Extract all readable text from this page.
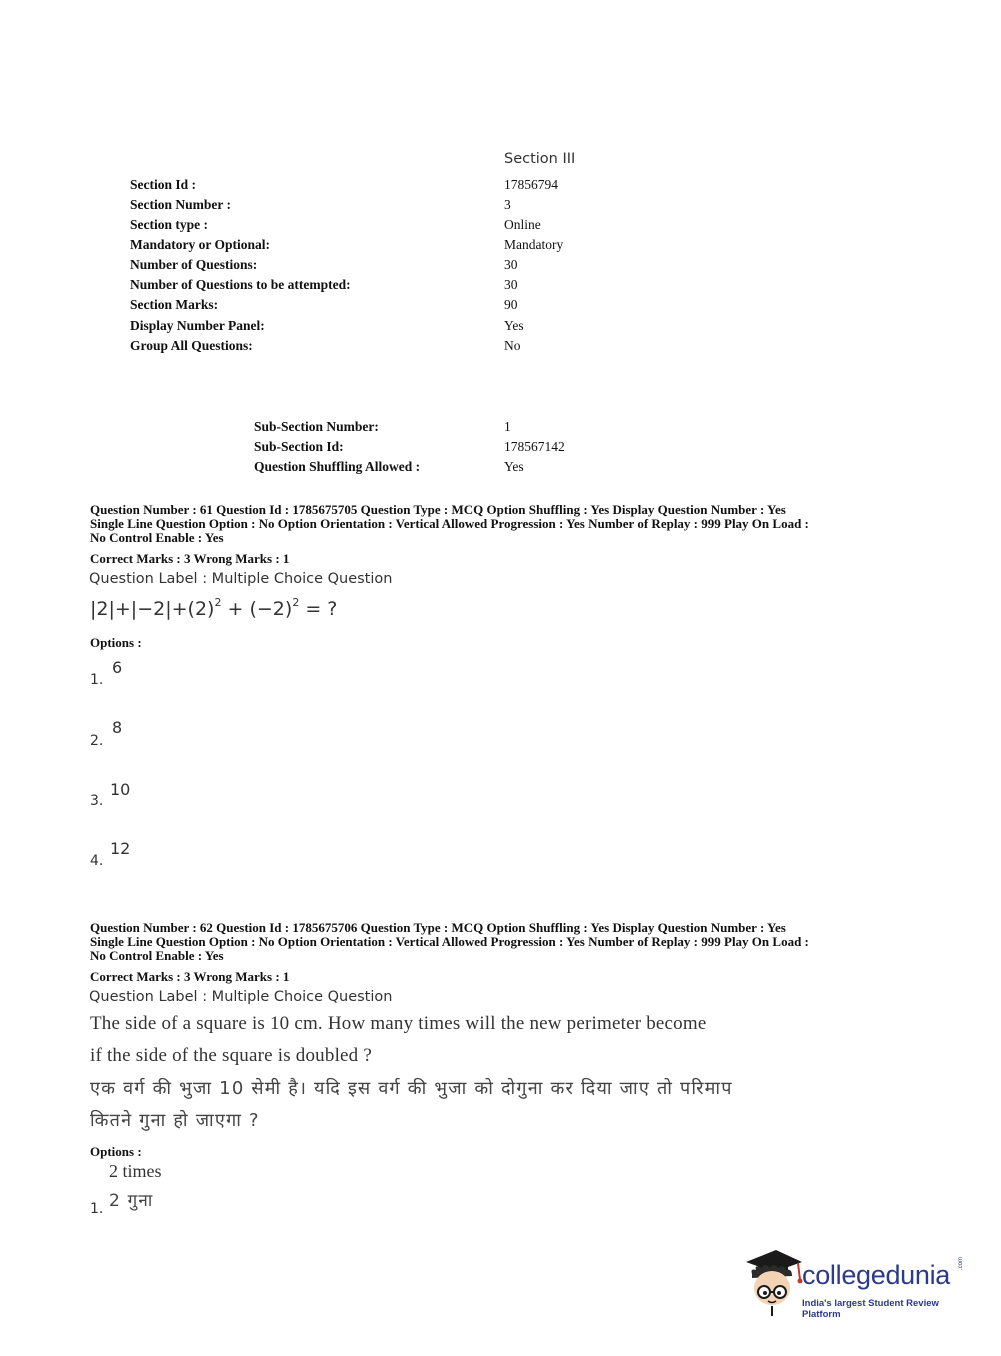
Section III
Section Id :	17856794
Section Number :	3
Section type :	Online
Mandatory or Optional:	Mandatory
Number of Questions:	30
Number of Questions to be attempted:	30
Section Marks:	90
Display Number Panel:	Yes
Group All Questions:	No
Sub-Section Number:	1
Sub-Section Id:	178567142
Question Shuffling Allowed :	Yes
Question Number : 61 Question Id : 1785675705 Question Type : MCQ Option Shuffling : Yes Display Question Number : Yes
Single Line Question Option : No Option Orientation : Vertical Allowed Progression : Yes Number of Replay : 999 Play On Load :
No Control Enable : Yes
Correct Marks : 3 Wrong Marks : 1
Question Label : Multiple Choice Question
$|2|+|-2|+(2)^2 + (-2)^2$ = ?
Options :
6
1.
8
2.
10
3.
12
4.
Question Number : 62 Question Id : 1785675706 Question Type : MCQ Option Shuffling : Yes Display Question Number : Yes
Single Line Question Option : No Option Orientation : Vertical Allowed Progression : Yes Number of Replay : 999 Play On Load :
No Control Enable : Yes
Correct Marks : 3 Wrong Marks : 1
Question Label : Multiple Choice Question
The side of a square is 10 cm. How many times will the new perimeter become
if the side of the square is doubled ?
एक वर्ग की भुजा 10 सेमी है। यदि इस वर्ग की भुजा को दोगुना कर दिया जाए तो परिमाप
कितने गुना हो जाएगा ?
Options :
2 times
2 गुना
1.
collegedunia .com
India's largest Student Review Platform
